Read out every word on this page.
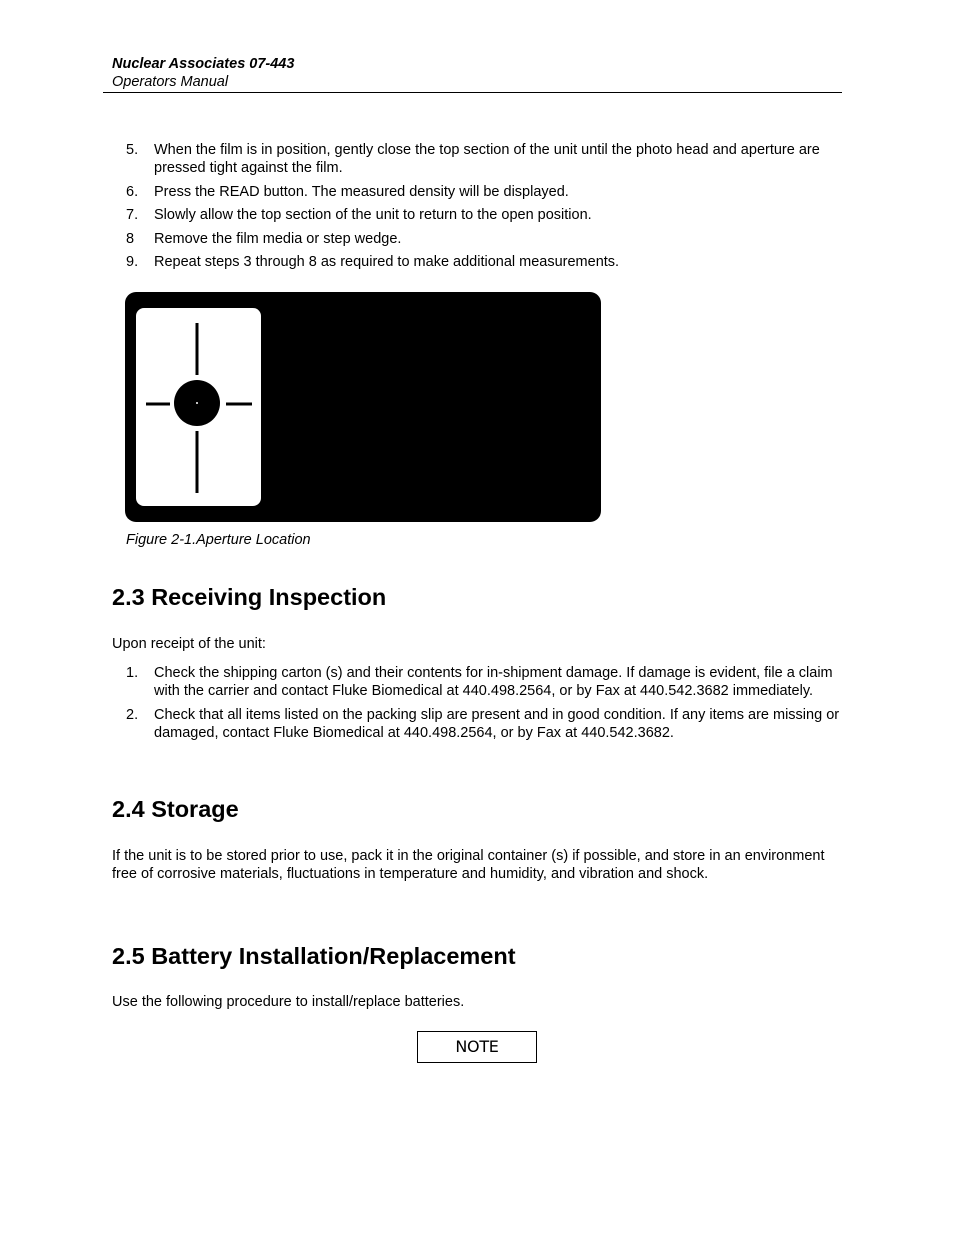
Nuclear Associates 07-443
Operators Manual
5. When the film is in position, gently close the top section of the unit until the photo head and aperture are pressed tight against the film.
6. Press the READ button. The measured density will be displayed.
7. Slowly allow the top section of the unit to return to the open position.
8 Remove the film media or step wedge.
9. Repeat steps 3 through 8 as required to make additional measurements.
Figure 2-1.Aperture Location
2.3 Receiving Inspection

Upon receipt of the unit:

1. Check the shipping carton (s) and their contents for in-shipment damage. If damage is evident, file a claim with the carrier and contact Fluke Biomedical at 440.498.2564, or by Fax at 440.542.3682 immediately.
2. Check that all items listed on the packing slip are present and in good condition. If any items are missing or damaged, contact Fluke Biomedical at 440.498.2564, or by Fax at 440.542.3682.
2.4 Storage

If the unit is to be stored prior to use, pack it in the original container (s) if possible, and store in an environment free of corrosive materials, fluctuations in temperature and humidity, and vibration and shock.

2.5 Battery Installation/Replacement

Use the following procedure to install/replace batteries.

NOTE
